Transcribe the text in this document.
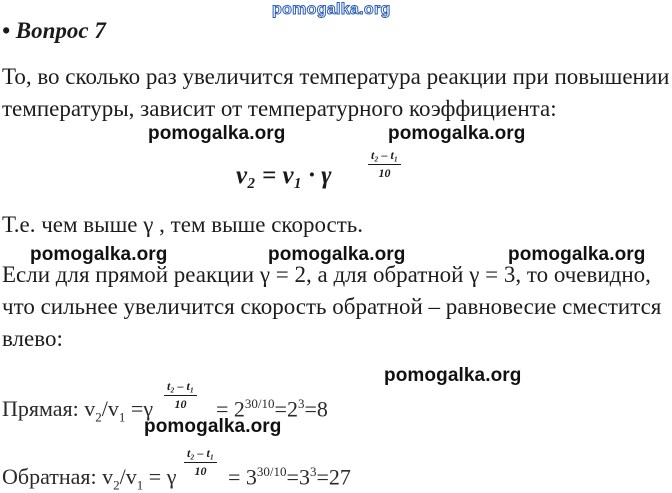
pomogalka.org
• Вопрос 7
То, во сколько раз увеличится температура реакции при повышении
температуры, зависит от температурного коэффициента:
pomogalka.org	pomogalka.org
v₂ = v₁ · γ	$\frac{\text{t₂ – t₁}}{10}$
Т.е. чем выше γ , тем выше скорость.
pomogalka.org	pomogalka.org	pomogalka.org
Если для прямой реакции γ = 2, а для обратной γ = 3, то очевидно,
что сильнее увеличится скорость обратной – равновесие сместится
влево:
pomogalka.org
Прямая: $v_2/v_1 =\gamma \frac{\text{t₂ – t₁}}{10} = 2^{30/10}=2^3=8$
pomogalka.org
Обратная: $v_2/v_1 = \gamma \frac{\text{t₂ – t₁}}{10} = 3^{30/10}=3^3=27$
